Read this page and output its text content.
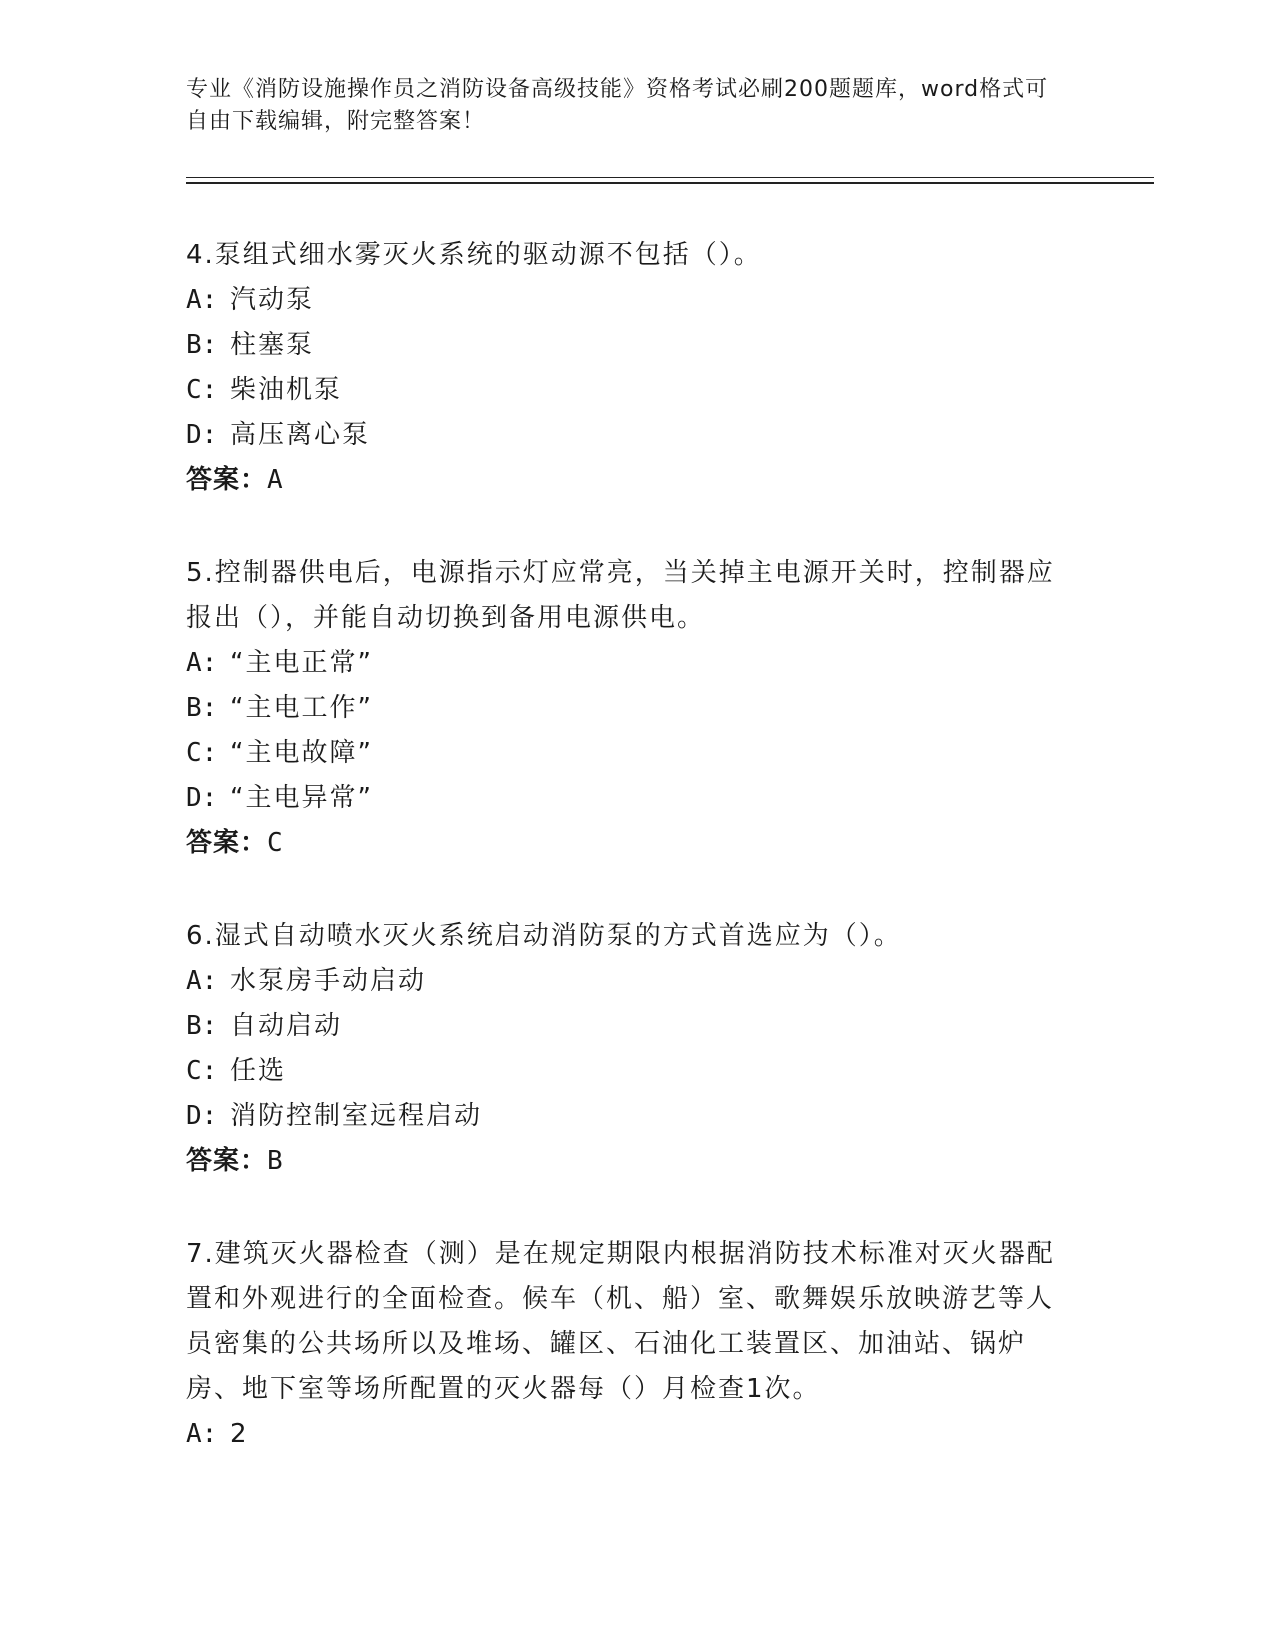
专业《消防设施操作员之消防设备高级技能》资格考试必刷200题题库，word格式可自由下载编辑，附完整答案！
4.泵组式细水雾灭火系统的驱动源不包括（）。
A: 汽动泵
B: 柱塞泵
C: 柴油机泵
D: 高压离心泵
答案：A
5.控制器供电后，电源指示灯应常亮，当关掉主电源开关时，控制器应报出（），并能自动切换到备用电源供电。
A: “主电正常”
B: “主电工作”
C: “主电故障”
D: “主电异常”
答案：C
6.湿式自动喷水灭火系统启动消防泵的方式首选应为（）。
A: 水泵房手动启动
B: 自动启动
C: 任选
D: 消防控制室远程启动
答案：B
7.建筑灭火器检查（测）是在规定期限内根据消防技术标准对灭火器配置和外观进行的全面检查。候车（机、船）室、歌舞娱乐放映游艺等人员密集的公共场所以及堆场、罐区、石油化工装置区、加油站、锅炉房、地下室等场所配置的灭火器每（）月检查1次。
A: 2
